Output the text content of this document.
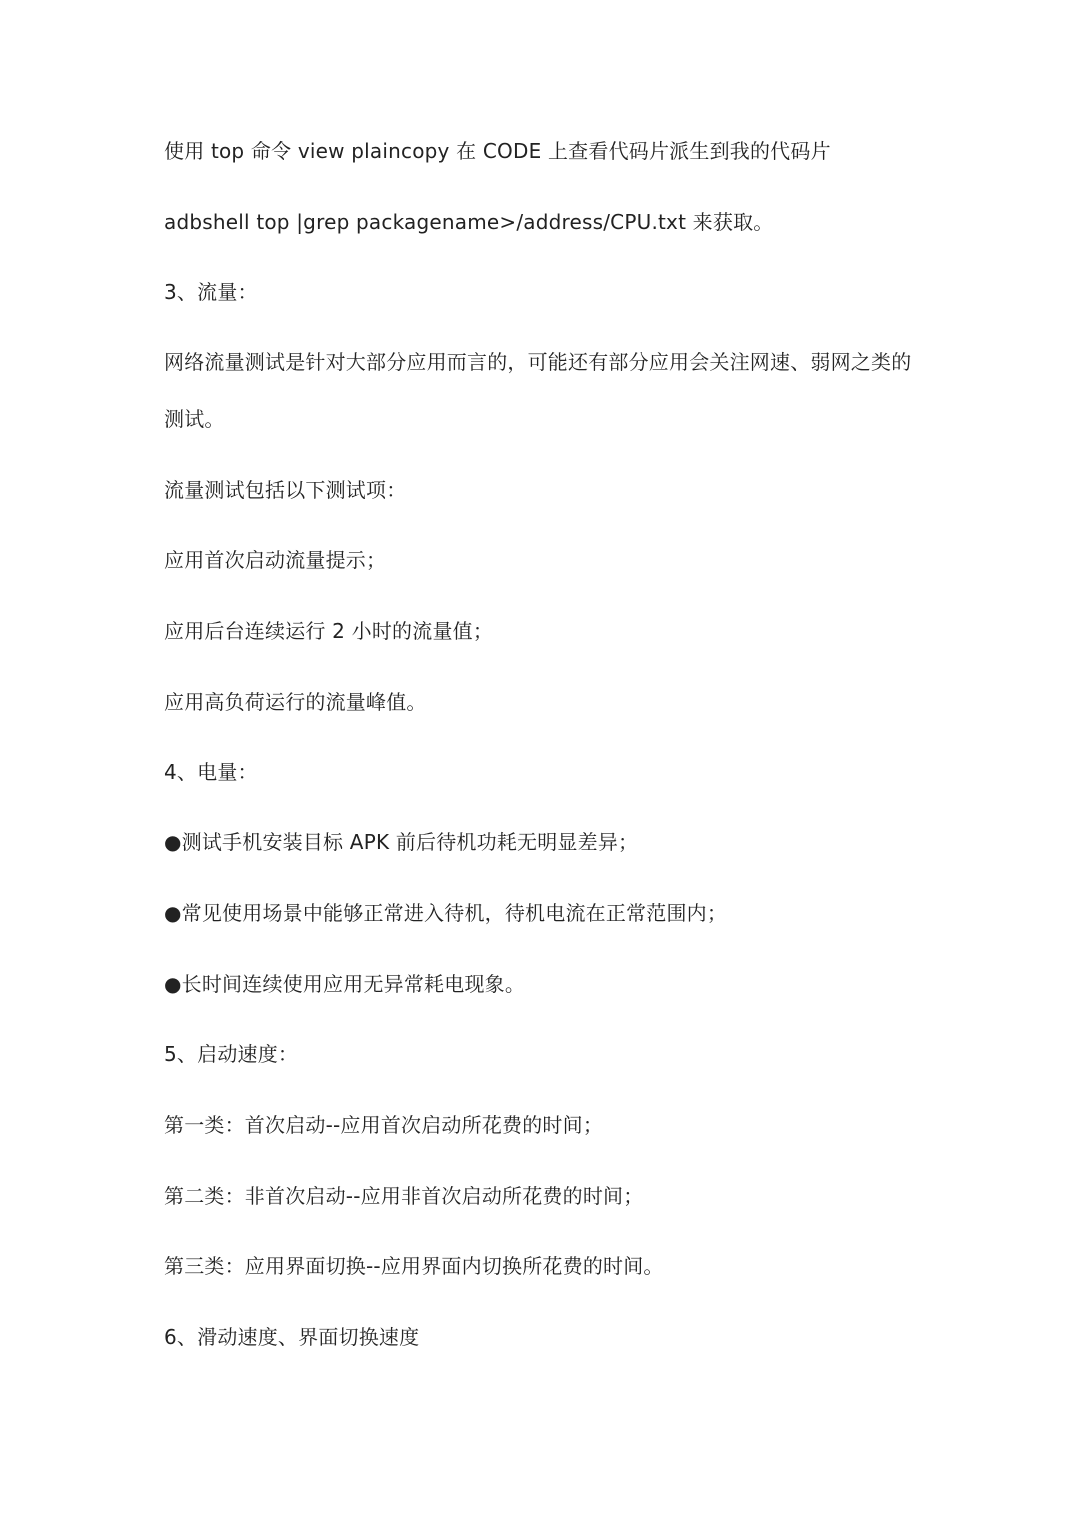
使用 top 命令 view plaincopy 在 CODE 上查看代码片派生到我的代码片
adbshell top |grep packagename>/address/CPU.txt 来获取。
3、流量：
网络流量测试是针对大部分应用而言的，可能还有部分应用会关注网速、弱网之类的
测试。
流量测试包括以下测试项：
应用首次启动流量提示；
应用后台连续运行 2 小时的流量值；
应用高负荷运行的流量峰值。
4、电量：
●测试手机安装目标 APK 前后待机功耗无明显差异；
●常见使用场景中能够正常进入待机，待机电流在正常范围内；
●长时间连续使用应用无异常耗电现象。
5、启动速度：
第一类：首次启动--应用首次启动所花费的时间；
第二类：非首次启动--应用非首次启动所花费的时间；
第三类：应用界面切换--应用界面内切换所花费的时间。
6、滑动速度、界面切换速度
